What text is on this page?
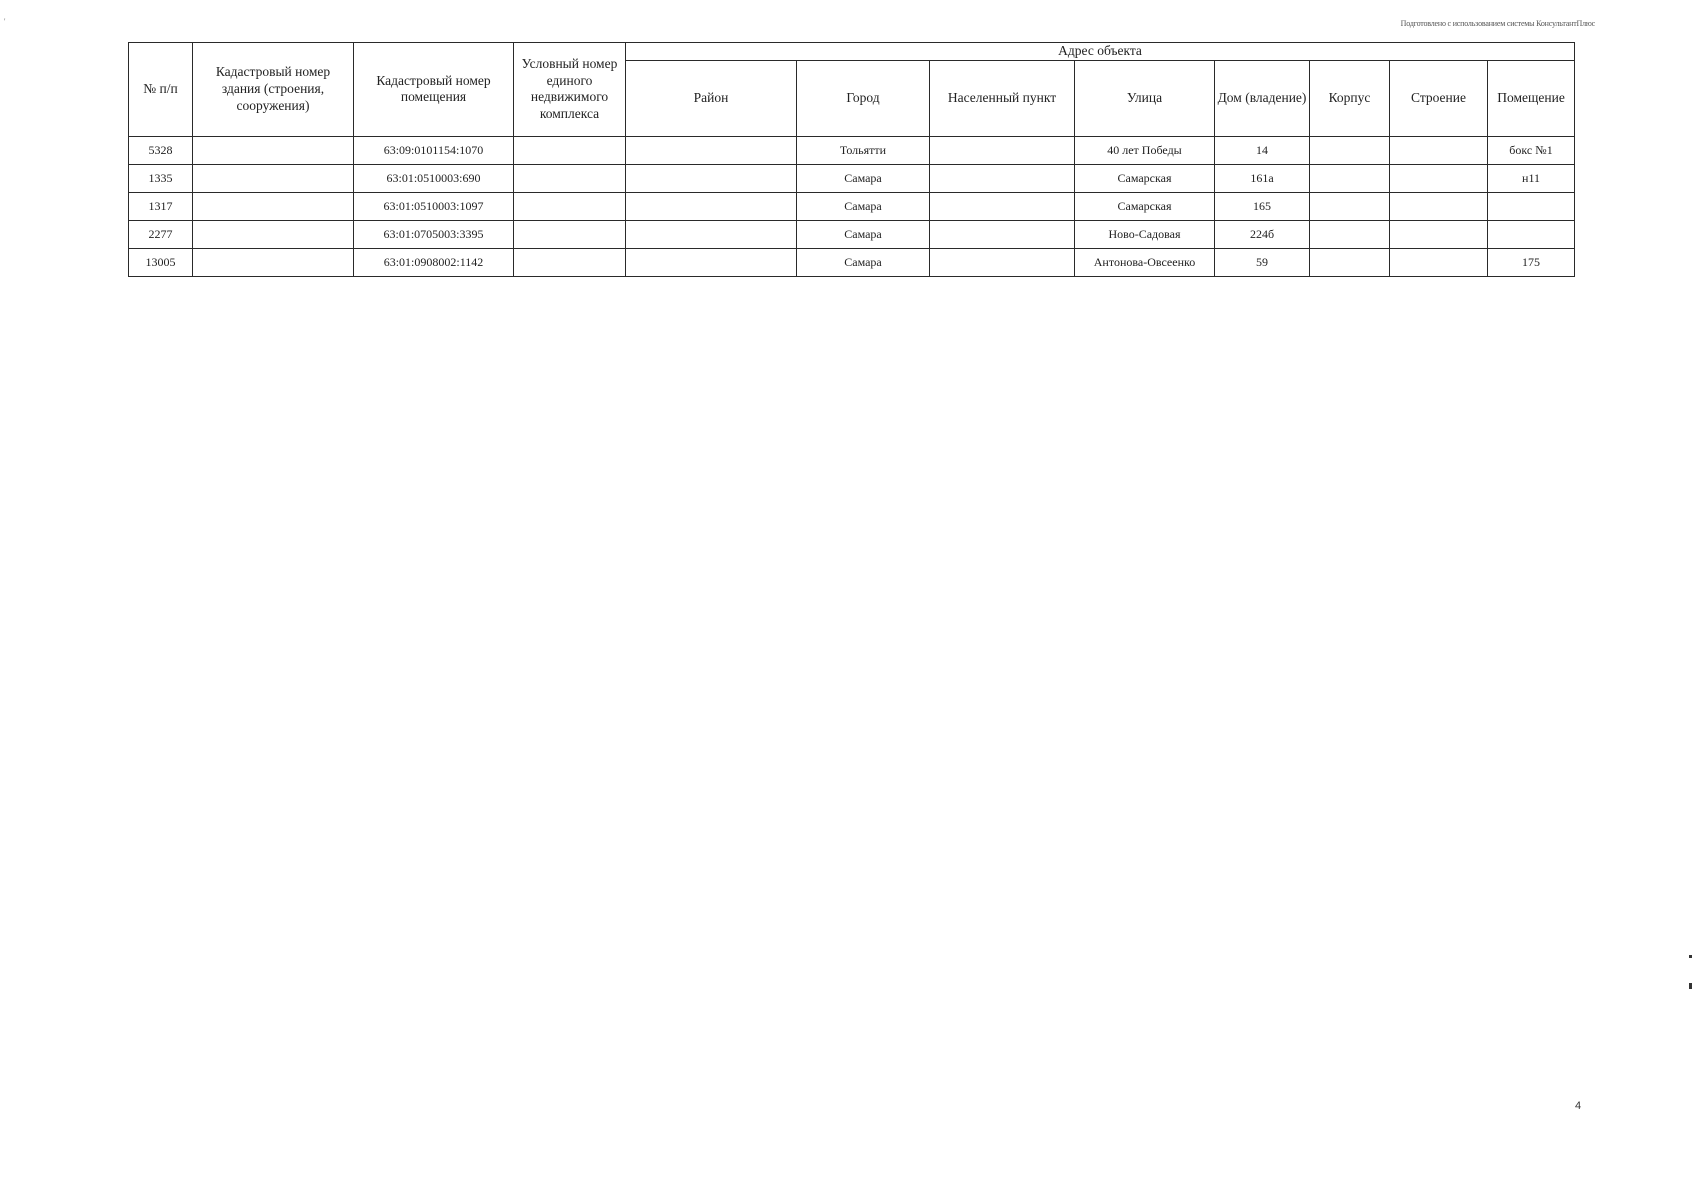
'	Подготовлено с использованием системы КонсультантПлюс
№ п/п	Кадастровый номер здания (строения, сооружения)	Кадастровый номер помещения	Условный номер единого недвижимого комплекса	Адрес объекта							
				Район	Город	Населенный пункт	Улица	Дом (владение)	Корпус	Строение	Помещение
5328		63:09:0101154:1070			Тольятти		40 лет Победы	14			бокс №1
1335		63:01:0510003:690			Самара		Самарская	161а			н11
1317		63:01:0510003:1097			Самара		Самарская	165			
2277		63:01:0705003:3395			Самара		Ново-Садовая	224б			
13005		63:01:0908002:1142			Самара		Антонова-Овсеенко	59			175
4
